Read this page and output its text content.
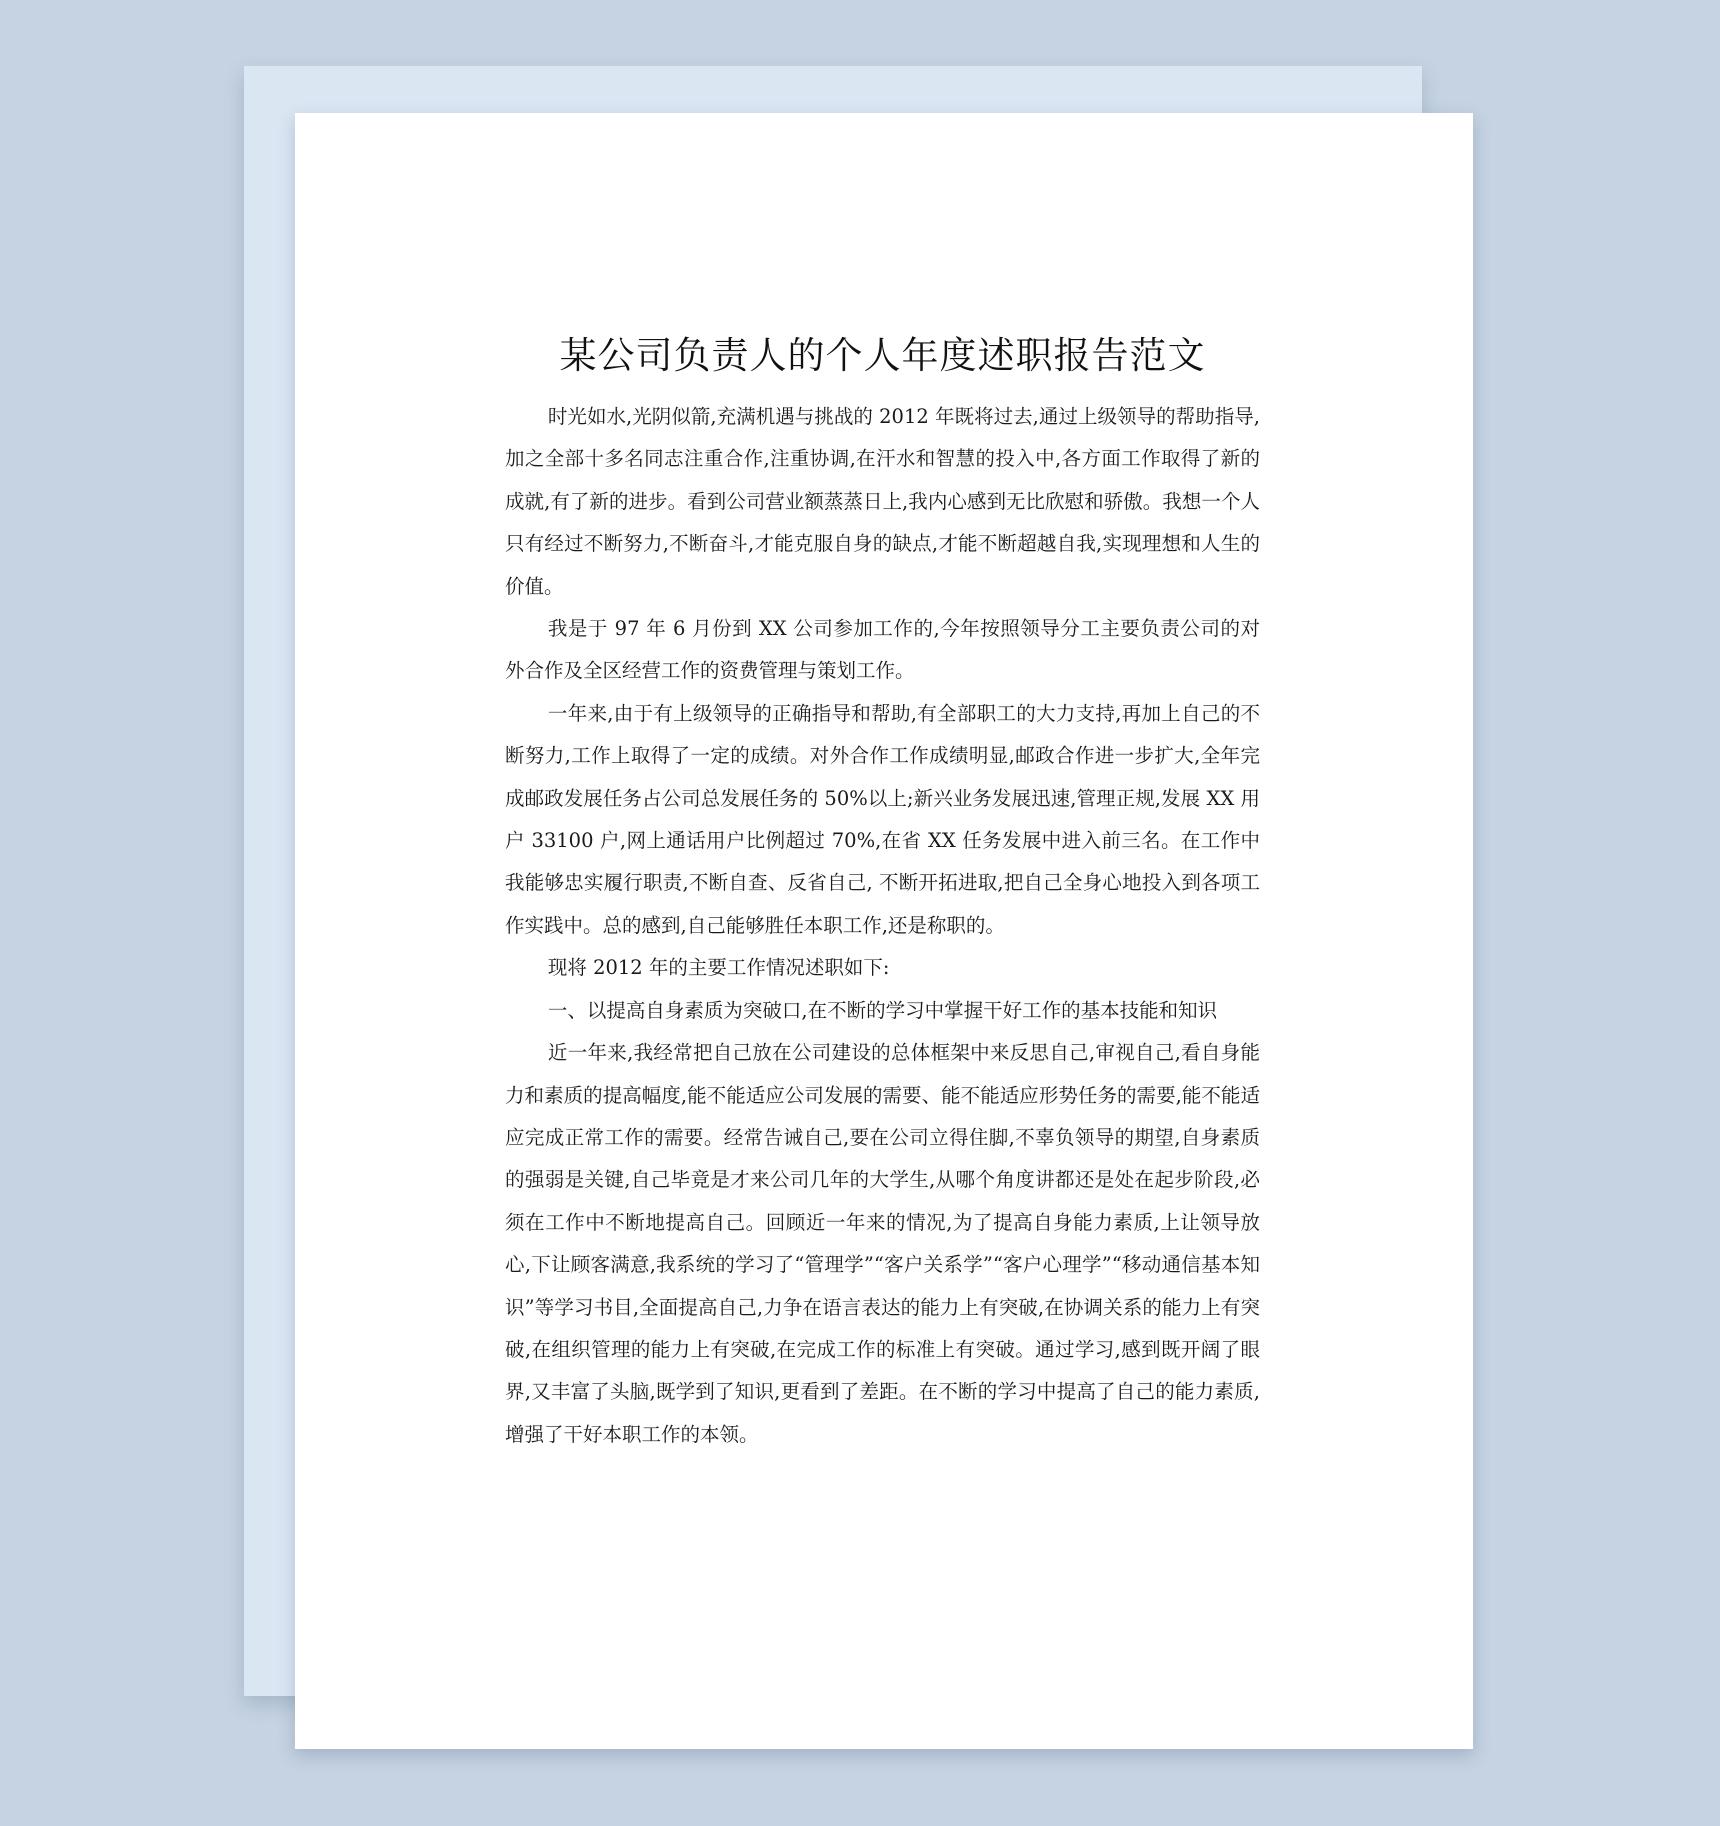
某公司负责人的个人年度述职报告范文

时光如水,光阴似箭,充满机遇与挑战的 2012 年既将过去,通过上级领导的帮助指导,加之全部十多名同志注重合作,注重协调,在汗水和智慧的投入中,各方面工作取得了新的成就,有了新的进步。看到公司营业额蒸蒸日上,我内心感到无比欣慰和骄傲。我想一个人只有经过不断努力,不断奋斗,才能克服自身的缺点,才能不断超越自我,实现理想和人生的价值。

我是于 97 年 6 月份到 XX 公司参加工作的,今年按照领导分工主要负责公司的对外合作及全区经营工作的资费管理与策划工作。

一年来,由于有上级领导的正确指导和帮助,有全部职工的大力支持,再加上自己的不断努力,工作上取得了一定的成绩。对外合作工作成绩明显,邮政合作进一步扩大,全年完成邮政发展任务占公司总发展任务的 50%以上;新兴业务发展迅速,管理正规,发展 XX 用户 33100 户,网上通话用户比例超过 70%,在省 XX 任务发展中进入前三名。在工作中我能够忠实履行职责,不断自查、反省自己, 不断开拓进取,把自己全身心地投入到各项工作实践中。总的感到,自己能够胜任本职工作,还是称职的。

现将 2012 年的主要工作情况述职如下:

一、以提高自身素质为突破口,在不断的学习中掌握干好工作的基本技能和知识

近一年来,我经常把自己放在公司建设的总体框架中来反思自己,审视自己,看自身能力和素质的提高幅度,能不能适应公司发展的需要、能不能适应形势任务的需要,能不能适应完成正常工作的需要。经常告诫自己,要在公司立得住脚,不辜负领导的期望,自身素质的强弱是关键,自己毕竟是才来公司几年的大学生,从哪个角度讲都还是处在起步阶段,必须在工作中不断地提高自己。回顾近一年来的情况,为了提高自身能力素质,上让领导放心,下让顾客满意,我系统的学习了“管理学”“客户关系学”“客户心理学”“移动通信基本知识”等学习书目,全面提高自己,力争在语言表达的能力上有突破,在协调关系的能力上有突破,在组织管理的能力上有突破,在完成工作的标准上有突破。通过学习,感到既开阔了眼界,又丰富了头脑,既学到了知识,更看到了差距。在不断的学习中提高了自己的能力素质,增强了干好本职工作的本领。
